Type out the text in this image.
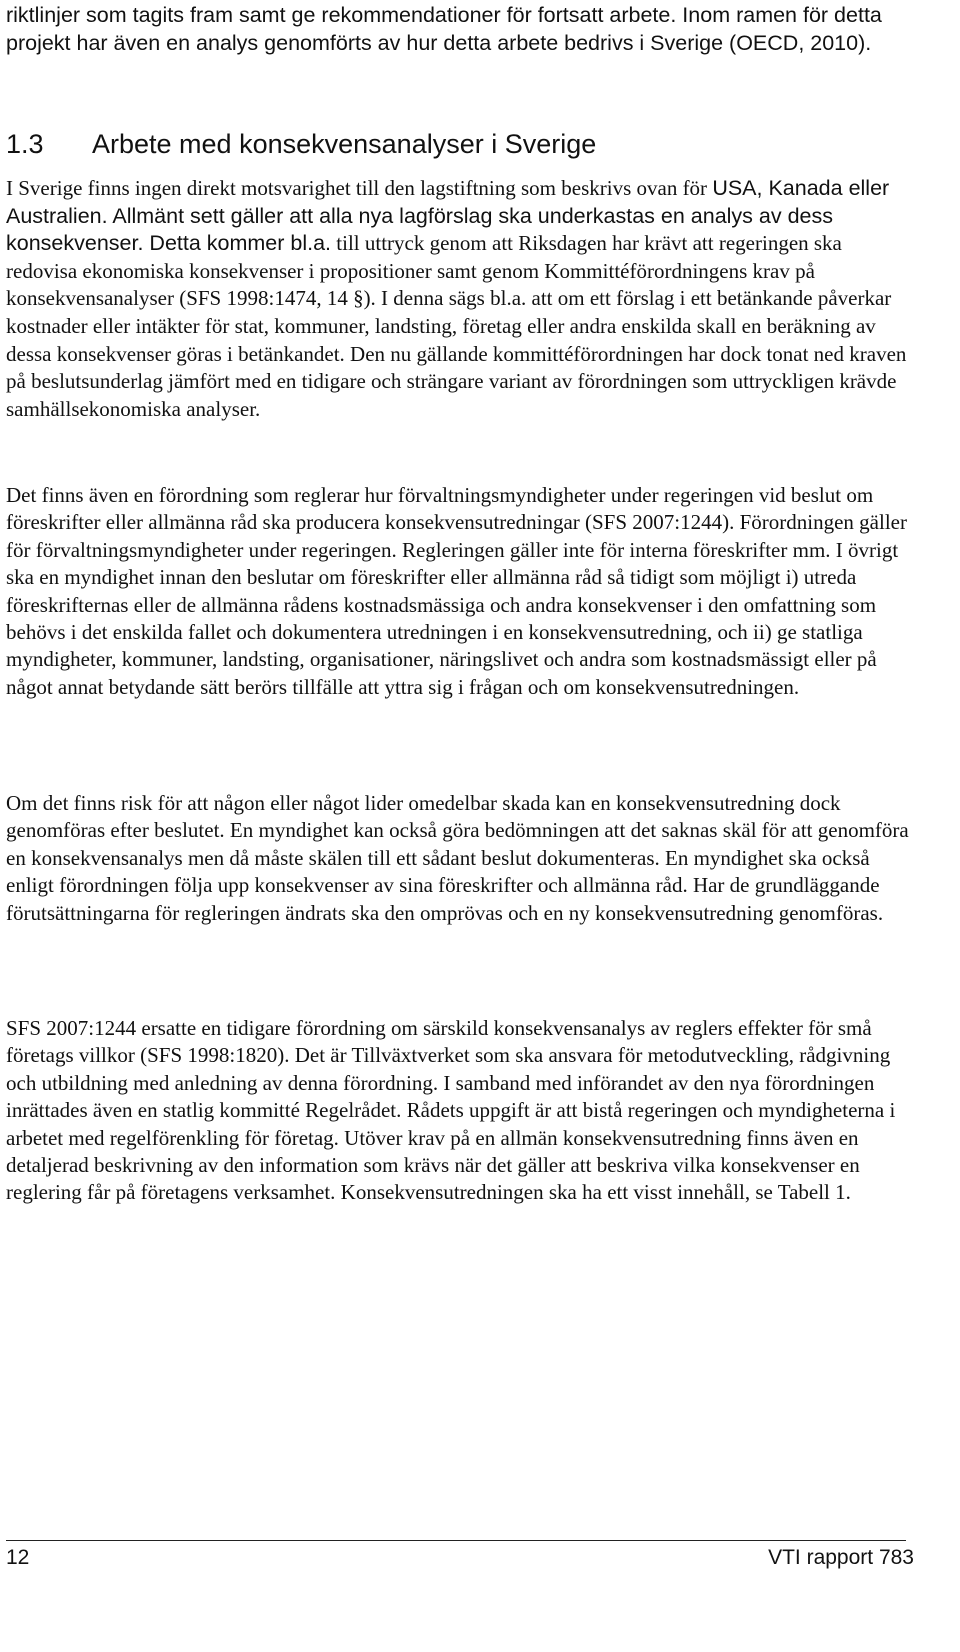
riktlinjer som tagits fram samt ge rekommendationer för fortsatt arbete. Inom ramen för detta projekt har även en analys genomförts av hur detta arbete bedrivs i Sverige (OECD, 2010).

1.3 Arbete med konsekvensanalyser i Sverige

I Sverige finns ingen direkt motsvarighet till den lagstiftning som beskrivs ovan för USA, Kanada eller Australien. Allmänt sett gäller att alla nya lagförslag ska underkastas en analys av dess konsekvenser. Detta kommer bl.a. till uttryck genom att Riksdagen har krävt att regeringen ska redovisa ekonomiska konsekvenser i propositioner samt genom Kommittéförordningens krav på konsekvensanalyser (SFS 1998:1474, 14 §). I denna sägs bl.a. att om ett förslag i ett betänkande påverkar kostnader eller intäkter för stat, kommuner, landsting, företag eller andra enskilda skall en beräkning av dessa konsekvenser göras i betänkandet. Den nu gällande kommittéförordningen har dock tonat ned kraven på beslutsunderlag jämfört med en tidigare och strängare variant av förordningen som uttryckligen krävde samhällsekonomiska analyser.

Det finns även en förordning som reglerar hur förvaltningsmyndigheter under regeringen vid beslut om föreskrifter eller allmänna råd ska producera konsekvensutredningar (SFS 2007:1244). Förordningen gäller för förvaltningsmyndigheter under regeringen. Regleringen gäller inte för interna föreskrifter mm. I övrigt ska en myndighet innan den beslutar om föreskrifter eller allmänna råd så tidigt som möjligt i) utreda föreskrifternas eller de allmänna rådens kostnadsmässiga och andra konsekvenser i den omfattning som behövs i det enskilda fallet och dokumentera utredningen i en konsekvensutredning, och ii) ge statliga myndigheter, kommuner, landsting, organisationer, näringslivet och andra som kostnadsmässigt eller på något annat betydande sätt berörs tillfälle att yttra sig i frågan och om konsekvensutredningen.

Om det finns risk för att någon eller något lider omedelbar skada kan en konsekvensutredning dock genomföras efter beslutet. En myndighet kan också göra bedömningen att det saknas skäl för att genomföra en konsekvensanalys men då måste skälen till ett sådant beslut dokumenteras. En myndighet ska också enligt förordningen följa upp konsekvenser av sina föreskrifter och allmänna råd. Har de grundläggande förutsättningarna för regleringen ändrats ska den omprövas och en ny konsekvensutredning genomföras.

SFS 2007:1244 ersatte en tidigare förordning om särskild konsekvensanalys av reglers effekter för små företags villkor (SFS 1998:1820). Det är Tillväxtverket som ska ansvara för metodutveckling, rådgivning och utbildning med anledning av denna förordning. I samband med införandet av den nya förordningen inrättades även en statlig kommitté Regelrådet. Rådets uppgift är att bistå regeringen och myndigheterna i arbetet med regelförenkling för företag. Utöver krav på en allmän konsekvensutredning finns även en detaljerad beskrivning av den information som krävs när det gäller att beskriva vilka konsekvenser en reglering får på företagens verksamhet. Konsekvensutredningen ska ha ett visst innehåll, se Tabell 1.

12	VTI rapport 783
